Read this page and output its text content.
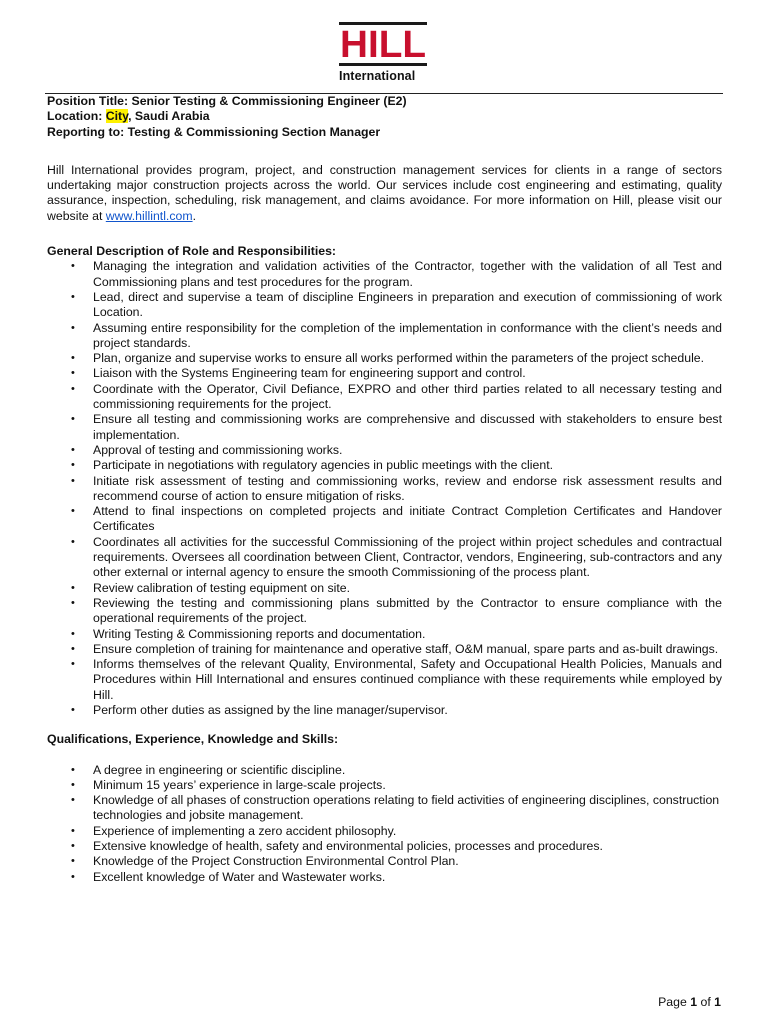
HILL
International

Position Title: Senior Testing & Commissioning Engineer (E2)

Location: City, Saudi Arabia

Reporting to: Testing & Commissioning Section Manager

Hill International provides program, project, and construction management services for clients in a range of sectors undertaking major construction projects across the world. Our services include cost engineering and estimating, quality assurance, inspection, scheduling, risk management, and claims avoidance. For more information on Hill, please visit our website at www.hillintl.com.

General Description of Role and Responsibilities:

• Managing the integration and validation activities of the Contractor, together with the validation of all Test and Commissioning plans and test procedures for the program.
• Lead, direct and supervise a team of discipline Engineers in preparation and execution of commissioning of work Location.
• Assuming entire responsibility for the completion of the implementation in conformance with the client’s needs and project standards.
• Plan, organize and supervise works to ensure all works performed within the parameters of the project schedule.
• Liaison with the Systems Engineering team for engineering support and control.
• Coordinate with the Operator, Civil Defiance, EXPRO and other third parties related to all necessary testing and commissioning requirements for the project.
• Ensure all testing and commissioning works are comprehensive and discussed with stakeholders to ensure best implementation.
• Approval of testing and commissioning works.
• Participate in negotiations with regulatory agencies in public meetings with the client.
• Initiate risk assessment of testing and commissioning works, review and endorse risk assessment results and recommend course of action to ensure mitigation of risks.
• Attend to final inspections on completed projects and initiate Contract Completion Certificates and Handover Certificates
• Coordinates all activities for the successful Commissioning of the project within project schedules and contractual requirements. Oversees all coordination between Client, Contractor, vendors, Engineering, sub-contractors and any other external or internal agency to ensure the smooth Commissioning of the process plant.
• Review calibration of testing equipment on site.
• Reviewing the testing and commissioning plans submitted by the Contractor to ensure compliance with the operational requirements of the project.
• Writing Testing & Commissioning reports and documentation.
• Ensure completion of training for maintenance and operative staff, O&M manual, spare parts and as-built drawings.
• Informs themselves of the relevant Quality, Environmental, Safety and Occupational Health Policies, Manuals and Procedures within Hill International and ensures continued compliance with these requirements while employed by Hill.
• Perform other duties as assigned by the line manager/supervisor.

Qualifications, Experience, Knowledge and Skills:

• A degree in engineering or scientific discipline.
• Minimum 15 years’ experience in large-scale projects.
• Knowledge of all phases of construction operations relating to field activities of engineering disciplines, construction technologies and jobsite management.
• Experience of implementing a zero accident philosophy.
• Extensive knowledge of health, safety and environmental policies, processes and procedures.
• Knowledge of the Project Construction Environmental Control Plan.
• Excellent knowledge of Water and Wastewater works.
Page 1 of 1
